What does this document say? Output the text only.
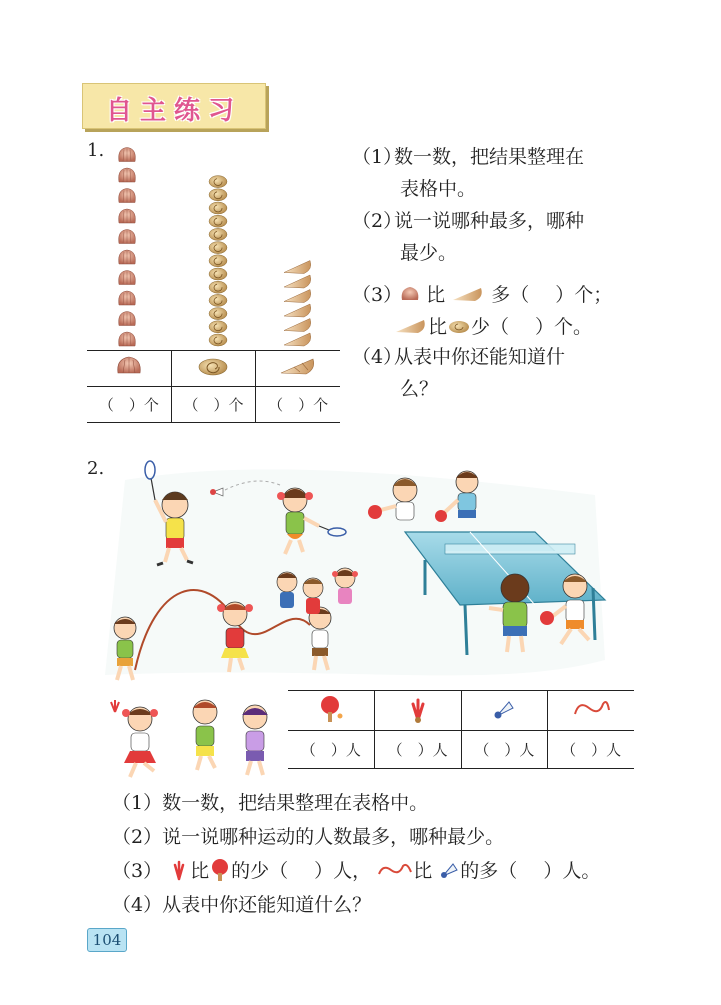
自主练习
1.

（　）个	（　）个	（　）个
（1）数一数，把结果整理在
表格中。
（2）说一说哪种最多，哪种
最少。
（3） 比 多（ ）个；
比 少（ ）个。
（4）从表中你还能知道什
么？
2.

（　）人	（　）人	（　）人	（　）人
（1）数一数，把结果整理在表格中。
（2）说一说哪种运动的人数最多，哪种最少。
（3） 比 的少（ ）人， 比 的多（ ）人。
（4）从表中你还能知道什么？
104
